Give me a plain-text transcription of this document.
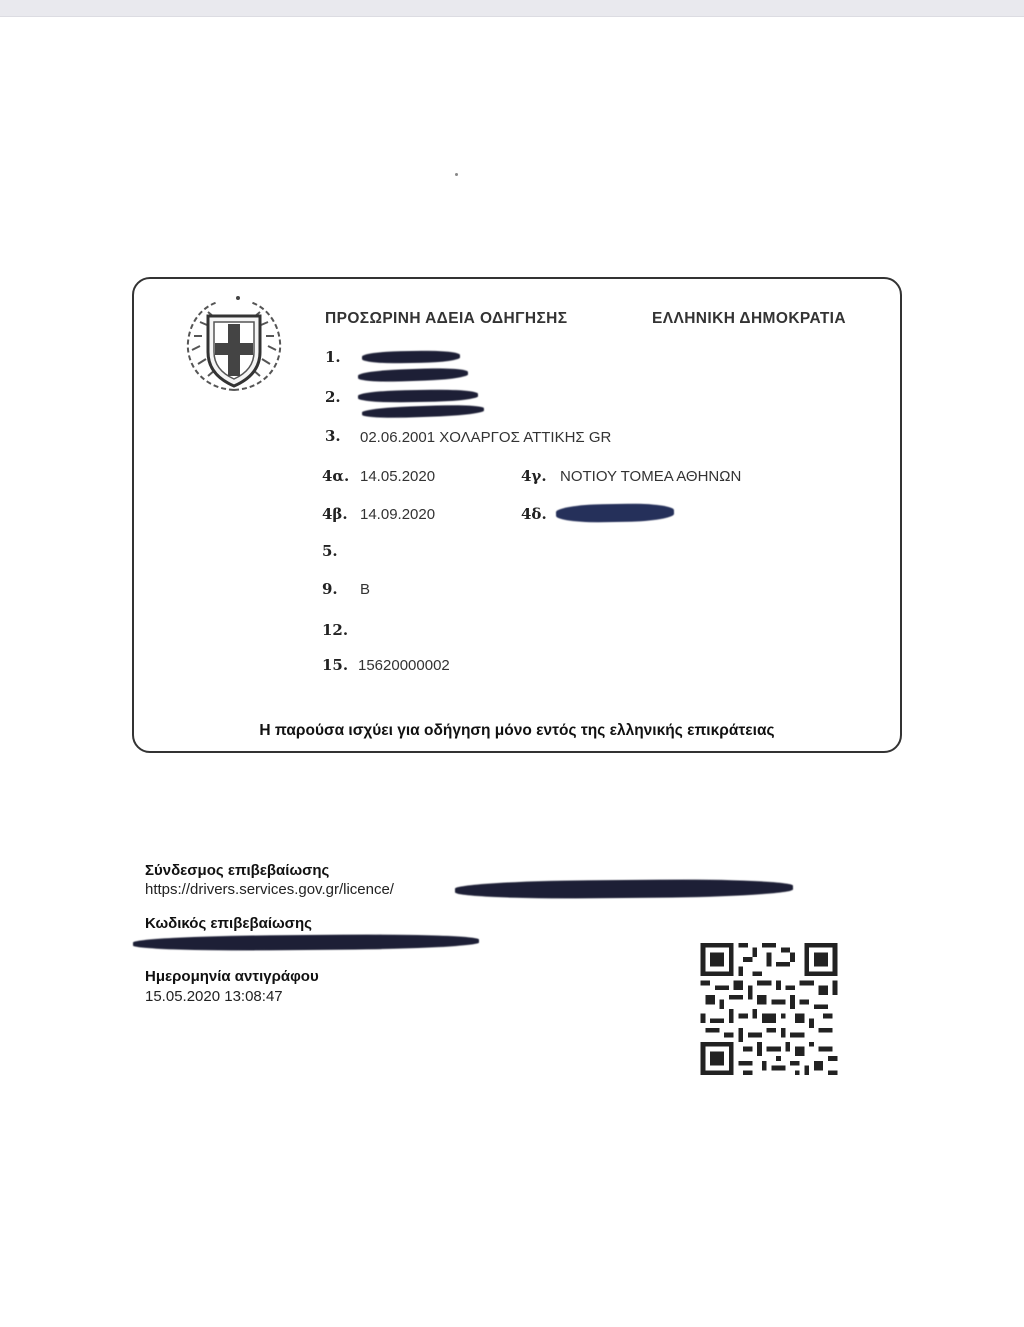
ΠΡΟΣΩΡΙΝΗ ΑΔΕΙΑ ΟΔΗΓΗΣΗΣ	ΕΛΛΗΝΙΚΗ ΔΗΜΟΚΡΑΤΙΑ
1.
2.
3. 02.06.2001 ΧΟΛΑΡΓΟΣ ΑΤΤΙΚΗΣ GR
4α. 14.05.2020	4γ. ΝΟΤΙΟΥ ΤΟΜΕΑ ΑΘΗΝΩΝ
4β. 14.09.2020	4δ.
5.
9. B
12.
15. 15620000002
Η παρούσα ισχύει για οδήγηση μόνο εντός της ελληνικής επικράτειας
Σύνδεσμος επιβεβαίωσης
https://drivers.services.gov.gr/licence/
Κωδικός επιβεβαίωσης
Ημερομηνία αντιγράφου
15.05.2020 13:08:47
